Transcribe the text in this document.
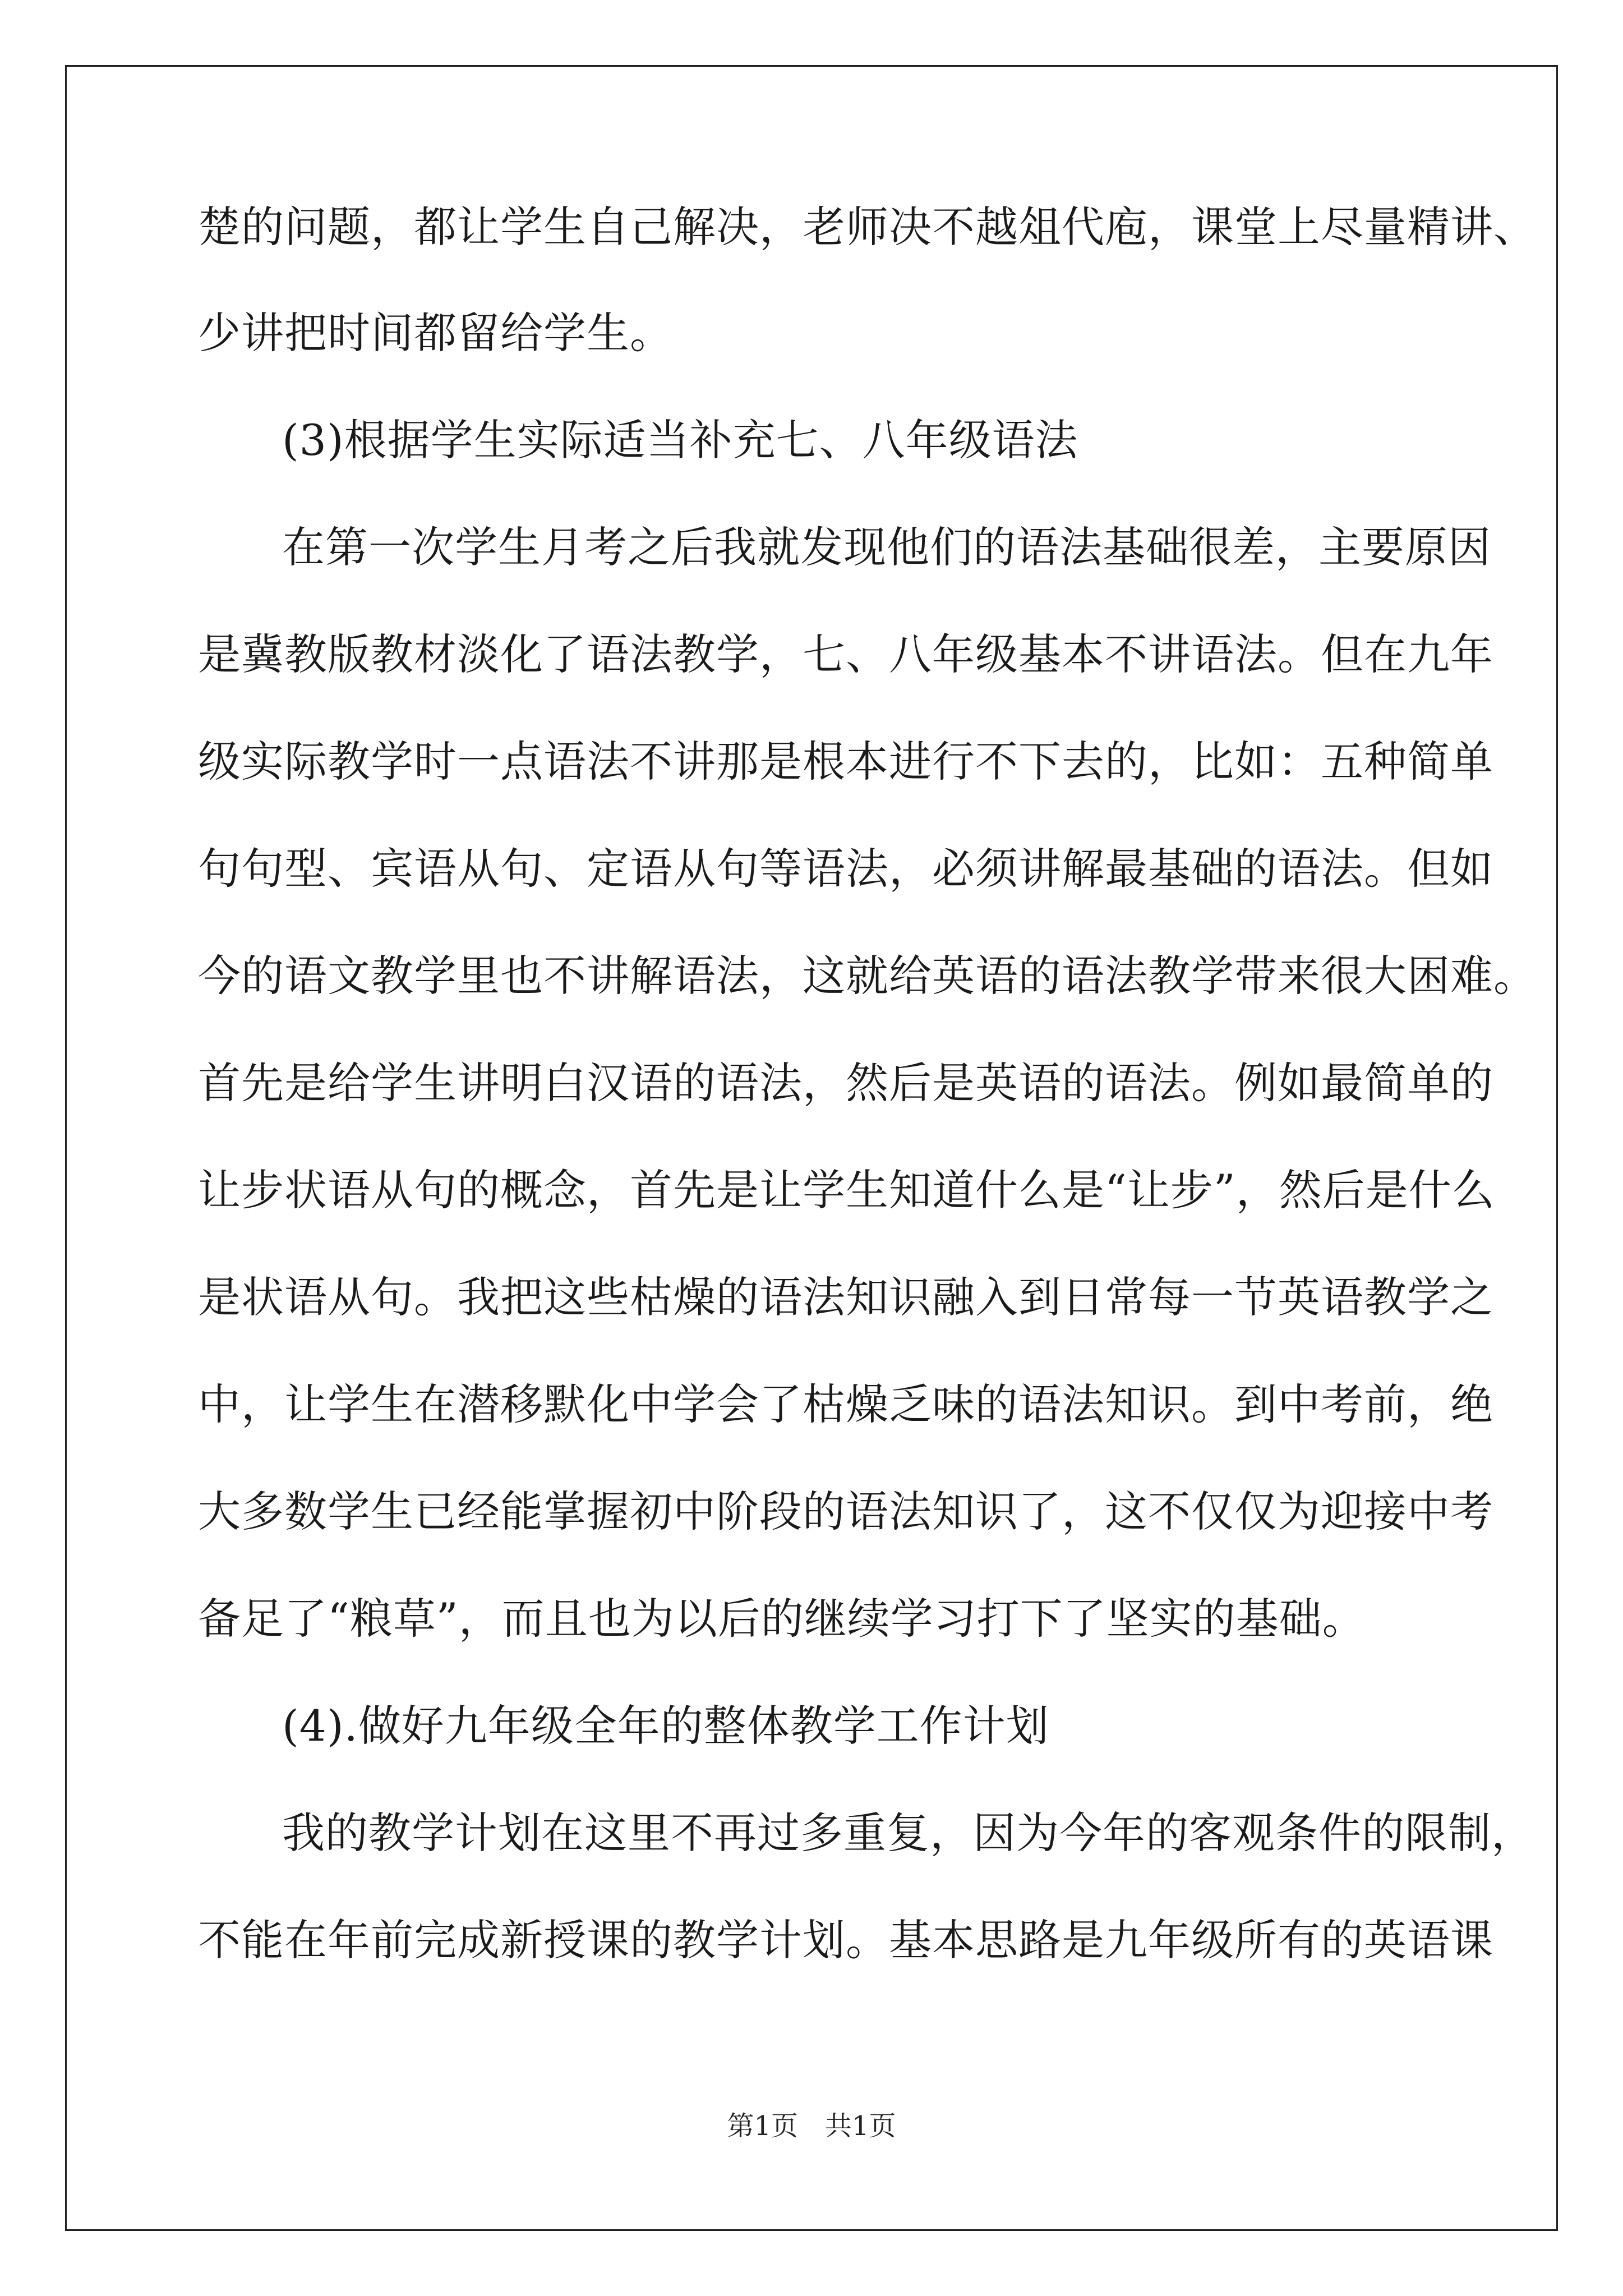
楚的问题，都让学生自己解决，老师决不越俎代庖，课堂上尽量精讲、
少讲把时间都留给学生。
(3)根据学生实际适当补充七、八年级语法
在第一次学生月考之后我就发现他们的语法基础很差，主要原因
是冀教版教材淡化了语法教学，七、八年级基本不讲语法。但在九年
级实际教学时一点语法不讲那是根本进行不下去的，比如：五种简单
句句型、宾语从句、定语从句等语法，必须讲解最基础的语法。但如
今的语文教学里也不讲解语法，这就给英语的语法教学带来很大困难。
首先是给学生讲明白汉语的语法，然后是英语的语法。例如最简单的
让步状语从句的概念，首先是让学生知道什么是“让步”，然后是什么
是状语从句。我把这些枯燥的语法知识融入到日常每一节英语教学之
中，让学生在潜移默化中学会了枯燥乏味的语法知识。到中考前，绝
大多数学生已经能掌握初中阶段的语法知识了，这不仅仅为迎接中考
备足了“粮草”，而且也为以后的继续学习打下了坚实的基础。
(4).做好九年级全年的整体教学工作计划
我的教学计划在这里不再过多重复，因为今年的客观条件的限制，
不能在年前完成新授课的教学计划。基本思路是九年级所有的英语课
第1页　共1页
